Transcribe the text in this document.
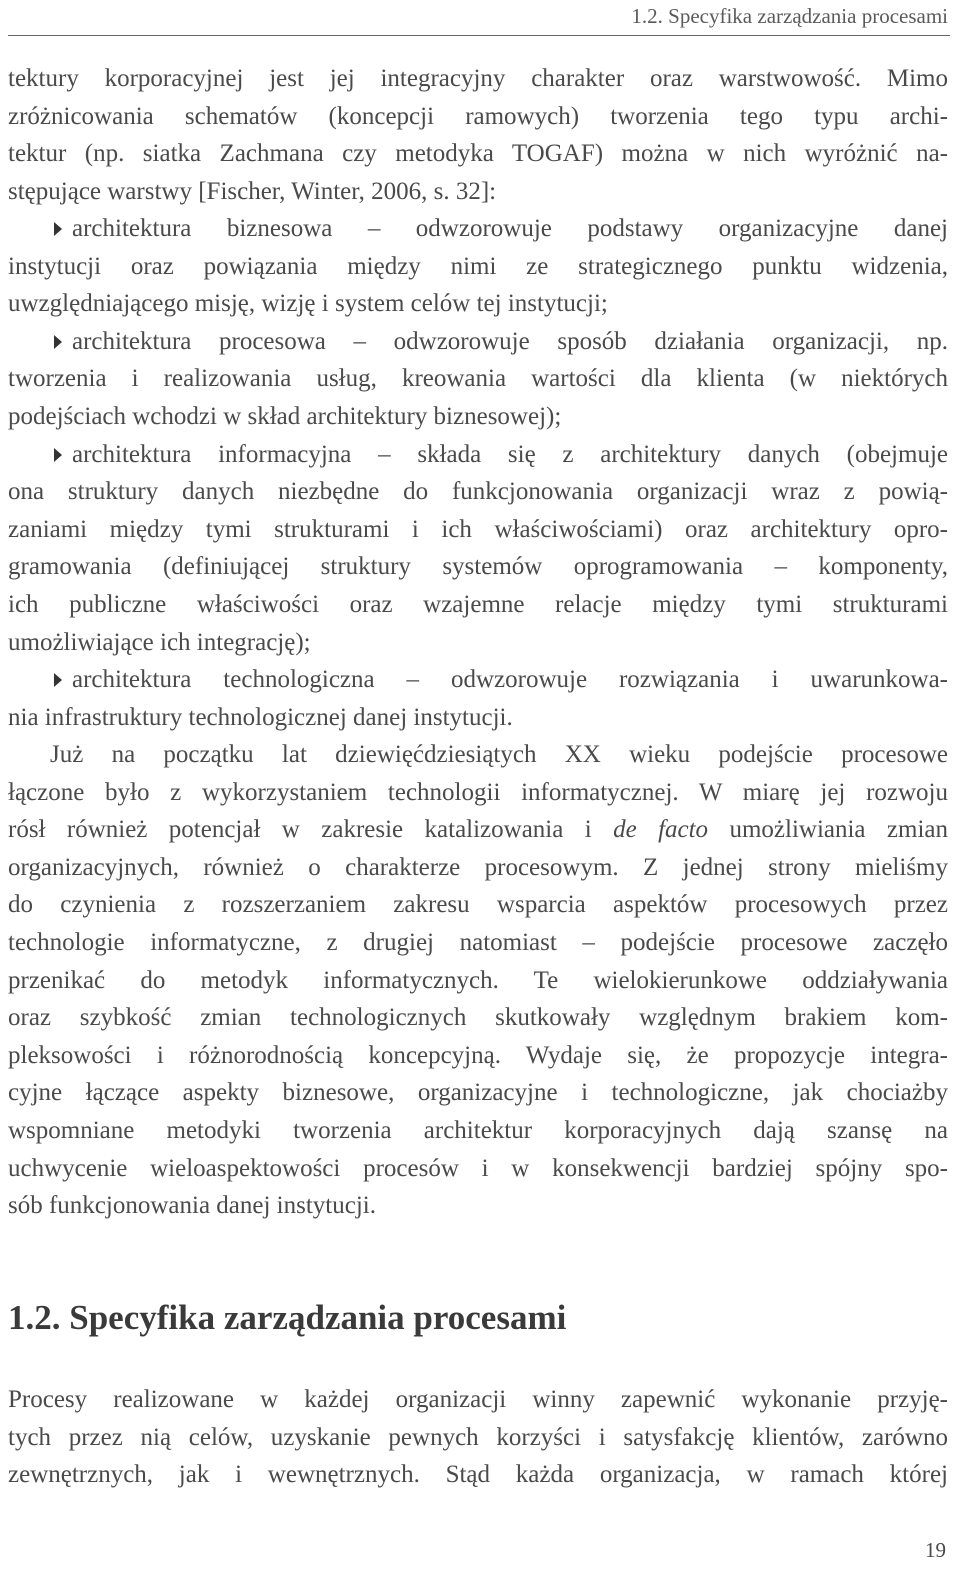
1.2. Specyfika zarządzania procesami
tektury korporacyjnej jest jej integracyjny charakter oraz warstwowość. Mimo
zróżnicowania schematów (koncepcji ramowych) tworzenia tego typu archi-
tektur (np. siatka Zachmana czy metodyka TOGAF) można w nich wyróżnić na-
stępujące warstwy [Fischer, Winter, 2006, s. 32]:
architektura biznesowa – odwzorowuje podstawy organizacyjne danej
instytucji oraz powiązania między nimi ze strategicznego punktu widzenia,
uwzględniającego misję, wizję i system celów tej instytucji;
architektura procesowa – odwzorowuje sposób działania organizacji, np.
tworzenia i realizowania usług, kreowania wartości dla klienta (w niektórych
podejściach wchodzi w skład architektury biznesowej);
architektura informacyjna – składa się z architektury danych (obejmuje
ona struktury danych niezbędne do funkcjonowania organizacji wraz z powią-
zaniami między tymi strukturami i ich właściwościami) oraz architektury opro-
gramowania (definiującej struktury systemów oprogramowania – komponenty,
ich publiczne właściwości oraz wzajemne relacje między tymi strukturami
umożliwiające ich integrację);
architektura technologiczna – odwzorowuje rozwiązania i uwarunkowa-
nia infrastruktury technologicznej danej instytucji.
Już na początku lat dziewięćdziesiątych XX wieku podejście procesowe
łączone było z wykorzystaniem technologii informatycznej. W miarę jej rozwoju
rósł również potencjał w zakresie katalizowania i de facto umożliwiania zmian
organizacyjnych, również o charakterze procesowym. Z jednej strony mieliśmy
do czynienia z rozszerzaniem zakresu wsparcia aspektów procesowych przez
technologie informatyczne, z drugiej natomiast – podejście procesowe zaczęło
przenikać do metodyk informatycznych. Te wielokierunkowe oddziaływania
oraz szybkość zmian technologicznych skutkowały względnym brakiem kom-
pleksowości i różnorodnością koncepcyjną. Wydaje się, że propozycje integra-
cyjne łączące aspekty biznesowe, organizacyjne i technologiczne, jak chociażby
wspomniane metodyki tworzenia architektur korporacyjnych dają szansę na
uchwycenie wieloaspektowości procesów i w konsekwencji bardziej spójny spo-
sób funkcjonowania danej instytucji.
1.2. Specyfika zarządzania procesami
Procesy realizowane w każdej organizacji winny zapewnić wykonanie przyję-
tych przez nią celów, uzyskanie pewnych korzyści i satysfakcję klientów, zarówno
zewnętrznych, jak i wewnętrznych. Stąd każda organizacja, w ramach której
19
